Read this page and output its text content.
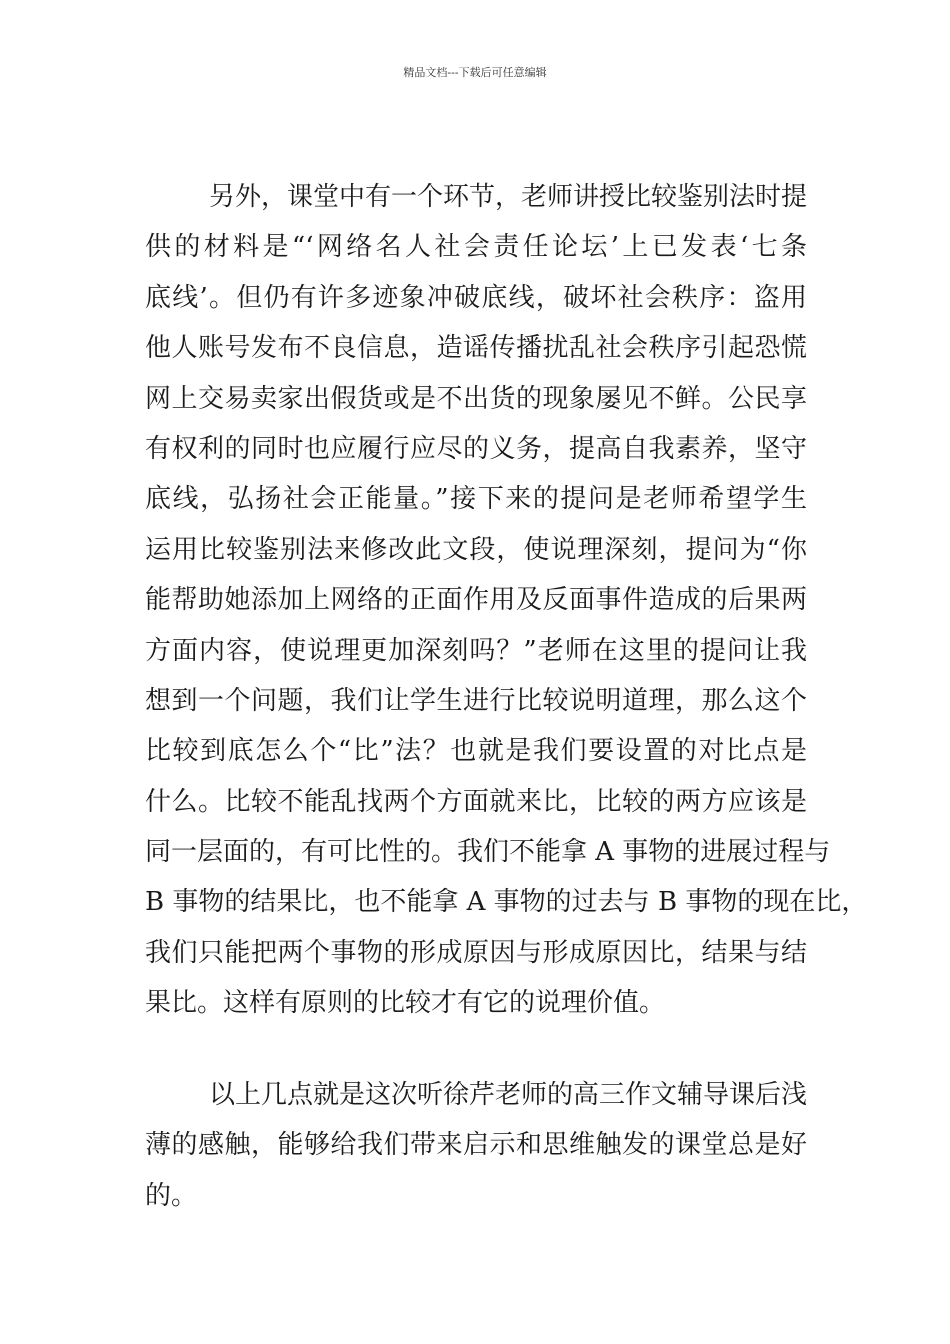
精品文档---下载后可任意编辑
另外，课堂中有一个环节，老师讲授比较鉴别法时提
供的材料是“‘网络名人社会责任论坛’上已发表‘七条
底线’。但仍有许多迹象冲破底线，破坏社会秩序：盗用
他人账号发布不良信息，造谣传播扰乱社会秩序引起恐慌
网上交易卖家出假货或是不出货的现象屡见不鲜。公民享
有权利的同时也应履行应尽的义务，提高自我素养，坚守
底线，弘扬社会正能量。”接下来的提问是老师希望学生
运用比较鉴别法来修改此文段，使说理深刻，提问为“你
能帮助她添加上网络的正面作用及反面事件造成的后果两
方面内容，使说理更加深刻吗？”老师在这里的提问让我
想到一个问题，我们让学生进行比较说明道理，那么这个
比较到底怎么个“比”法？也就是我们要设置的对比点是
什么。比较不能乱找两个方面就来比，比较的两方应该是
同一层面的，有可比性的。我们不能拿 A 事物的进展过程与
B 事物的结果比，也不能拿 A 事物的过去与 B 事物的现在比，
我们只能把两个事物的形成原因与形成原因比，结果与结
果比。这样有原则的比较才有它的说理价值。
以上几点就是这次听徐芹老师的高三作文辅导课后浅
薄的感触，能够给我们带来启示和思维触发的课堂总是好
的。
